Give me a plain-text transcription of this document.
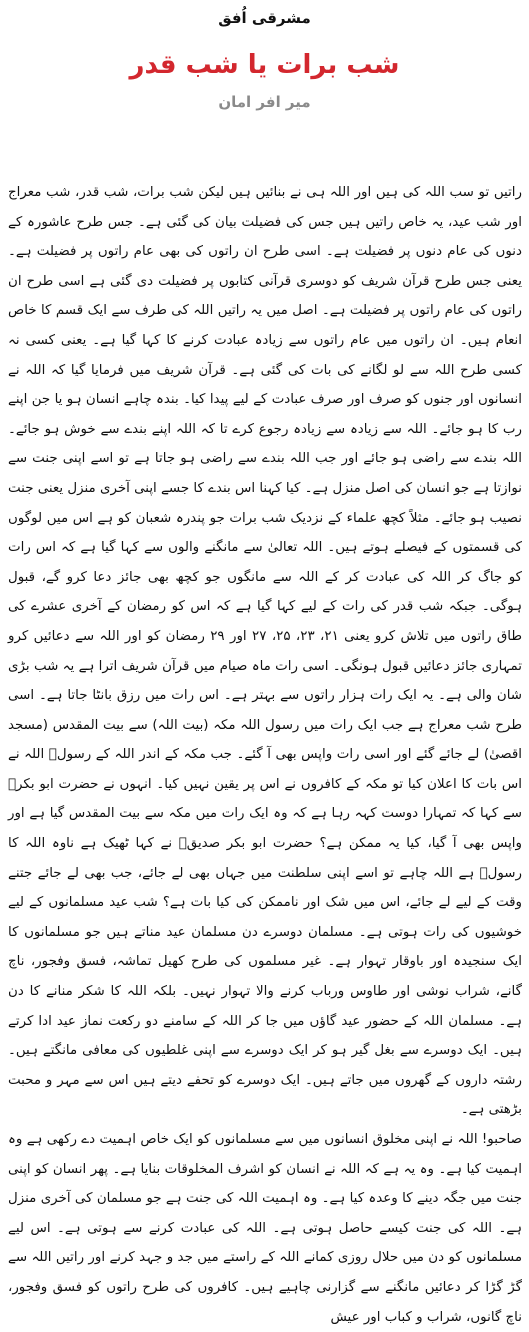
مشرقی اُفق
شب برات یا شب قدر
میر افر امان

راتیں تو سب اللہ کی ہیں اور اللہ ہی نے بنائیں ہیں لیکن شب برات، شب قدر، شب معراج اور شب عید، یہ خاص راتیں ہیں جس کی فضیلت بیان کی گئی ہے۔ جس طرح عاشورہ کے دنوں کی عام دنوں پر فضیلت ہے۔ اسی طرح ان راتوں کی بھی عام راتوں پر فضیلت ہے۔ یعنی جس طرح قرآن شریف کو دوسری قرآنی کتابوں پر فضیلت دی گئی ہے اسی طرح ان راتوں کی عام راتوں پر فضیلت ہے۔ اصل میں یہ راتیں اللہ کی طرف سے ایک قسم کا خاص انعام ہیں۔ ان راتوں میں عام راتوں سے زیادہ عبادت کرنے کا کہا گیا ہے۔ یعنی کسی نہ کسی طرح اللہ سے لو لگانے کی بات کی گئی ہے۔ قرآن شریف میں فرمایا گیا کہ اللہ نے انسانوں اور جنوں کو صرف اور صرف عبادت کے لیے پیدا کیا۔ بندہ چاہے انسان ہو یا جن اپنے رب کا ہو جائے۔ اللہ سے زیادہ سے زیادہ رجوع کرے تا کہ اللہ اپنے بندے سے خوش ہو جائے۔ اللہ بندے سے راضی ہو جائے اور جب اللہ بندے سے راضی ہو جاتا ہے تو اسے اپنی جنت سے نوازتا ہے جو انسان کی اصل منزل ہے۔ کیا کہنا اس بندے کا جسے اپنی آخری منزل یعنی جنت نصیب ہو جائے۔ مثلاً کچھ علماء کے نزدیک شب برات جو پندرہ شعبان کو ہے اس میں لوگوں کی قسمتوں کے فیصلے ہوتے ہیں۔ اللہ تعالیٰ سے مانگنے والوں سے کہا گیا ہے کہ اس رات کو جاگ کر اللہ کی عبادت کر کے اللہ سے مانگوں جو کچھ بھی جائز دعا کرو گے، قبول ہوگی۔ جبکہ شب قدر کی رات کے لیے کہا گیا ہے کہ اس کو رمضان کے آخری عشرے کی طاق راتوں میں تلاش کرو یعنی ۲۱، ۲۳، ۲۵، ۲۷ اور ۲۹ رمضان کو اور اللہ سے دعائیں کرو تمہاری جائز دعائیں قبول ہونگی۔ اسی رات ماہ صیام میں قرآن شریف اترا ہے یہ شب بڑی شان والی ہے۔ یہ ایک رات ہزار راتوں سے بہتر ہے۔ اس رات میں رزق بانٹا جاتا ہے۔ اسی طرح شب معراج ہے جب ایک رات میں رسول اللہ مکہ (بیت اللہ) سے بیت المقدس (مسجد اقصیٰ) لے جائے گئے اور اسی رات واپس بھی آ گئے۔ جب مکہ کے اندر اللہ کے رسولؐ اللہ نے اس بات کا اعلان کیا تو مکہ کے کافروں نے اس پر یقین نہیں کیا۔ انہوں نے حضرت ابو بکرؓ سے کہا کہ تمہارا دوست کہہ رہا ہے کہ وہ ایک رات میں مکہ سے بیت المقدس گیا ہے اور واپس بھی آ گیا، کیا یہ ممکن ہے؟ حضرت ابو بکر صدیقؓ نے کہا ٹھیک ہے ناوہ اللہ کا رسولؐ ہے اللہ چاہے تو اسے اپنی سلطنت میں جہاں بھی لے جائے، جب بھی لے جائے جتنے وقت کے لیے لے جائے، اس میں شک اور ناممکن کی کیا بات ہے؟ شب عید مسلمانوں کے لیے خوشیوں کی رات ہوتی ہے۔ مسلمان دوسرے دن مسلمان عید مناتے ہیں جو مسلمانوں کا ایک سنجیدہ اور باوقار تہوار ہے۔ غیر مسلموں کی طرح کھیل تماشہ، فسق وفجور، ناچ گانے، شراب نوشی اور طاوس ورباب کرنے والا تہوار نہیں۔ بلکہ اللہ کا شکر منانے کا دن ہے۔ مسلمان اللہ کے حضور عید گاؤں میں جا کر اللہ کے سامنے دو رکعت نماز عید ادا کرتے ہیں۔ ایک دوسرے سے بغل گیر ہو کر ایک دوسرے سے اپنی غلطیوں کی معافی مانگتے ہیں۔ رشتہ داروں کے گھروں میں جاتے ہیں۔ ایک دوسرے کو تحفے دیتے ہیں اس سے مہر و محبت بڑھتی ہے۔

صاحبو! اللہ نے اپنی مخلوق انسانوں میں سے مسلمانوں کو ایک خاص اہمیت دے رکھی ہے وہ اہمیت کیا ہے۔ وہ یہ ہے کہ اللہ نے انسان کو اشرف المخلوقات بنایا ہے۔ پھر انسان کو اپنی جنت میں جگہ دینے کا وعدہ کیا ہے۔ وہ اہمیت اللہ کی جنت ہے جو مسلمان کی آخری منزل ہے۔ اللہ کی جنت کیسے حاصل ہوتی ہے۔ اللہ کی عبادت کرنے سے ہوتی ہے۔ اس لیے مسلمانوں کو دن میں حلال روزی کمانے اللہ کے راستے میں جد و جہد کرنے اور راتیں اللہ سے گڑ گڑا کر دعائیں مانگنے سے گزارنی چاہیے ہیں۔ کافروں کی طرح راتوں کو فسق وفجور، ناچ گانوں، شراب و کباب اور عیش
